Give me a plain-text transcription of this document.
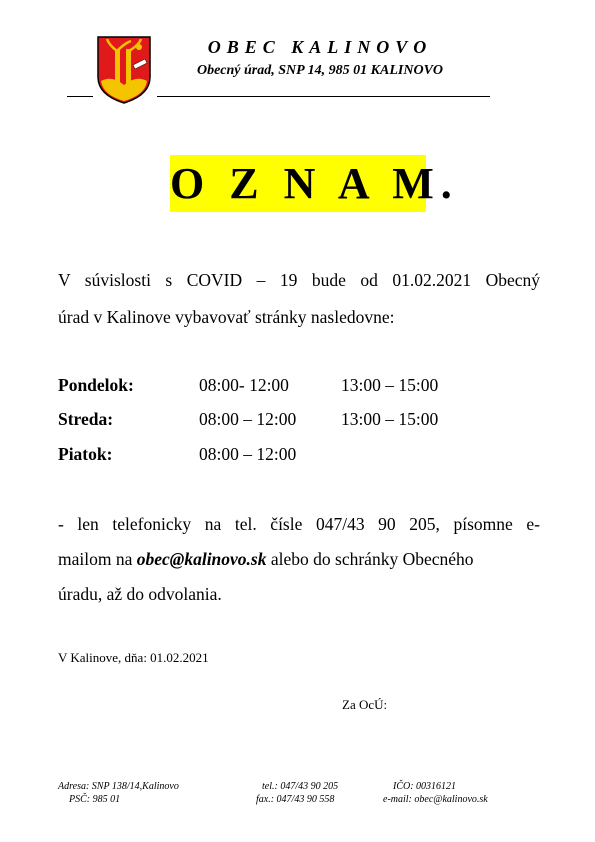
OBEC KALINOVO
Obecný úrad, SNP 14, 985 01 KALINOVO
O Z N A M.
V súvislosti s COVID – 19 bude od 01.02.2021 Obecný
úrad v Kalinove vybavovať stránky nasledovne:
Pondelok:	08:00- 12:00	13:00 – 15:00
Streda:	08:00 – 12:00	13:00 – 15:00
Piatok:	08:00 – 12:00
- len telefonicky na tel. čísle 047/43 90 205, písomne e-
mailom na obec@kalinovo.sk alebo do schránky Obecného
úradu, až do odvolania.
V Kalinove, dňa: 01.02.2021
Za OcÚ:
Adresa: SNP 138/14,Kalinovo
PSČ: 985 01
tel.: 047/43 90 205
fax.: 047/43 90 558
IČO: 00316121
e-mail: obec@kalinovo.sk
